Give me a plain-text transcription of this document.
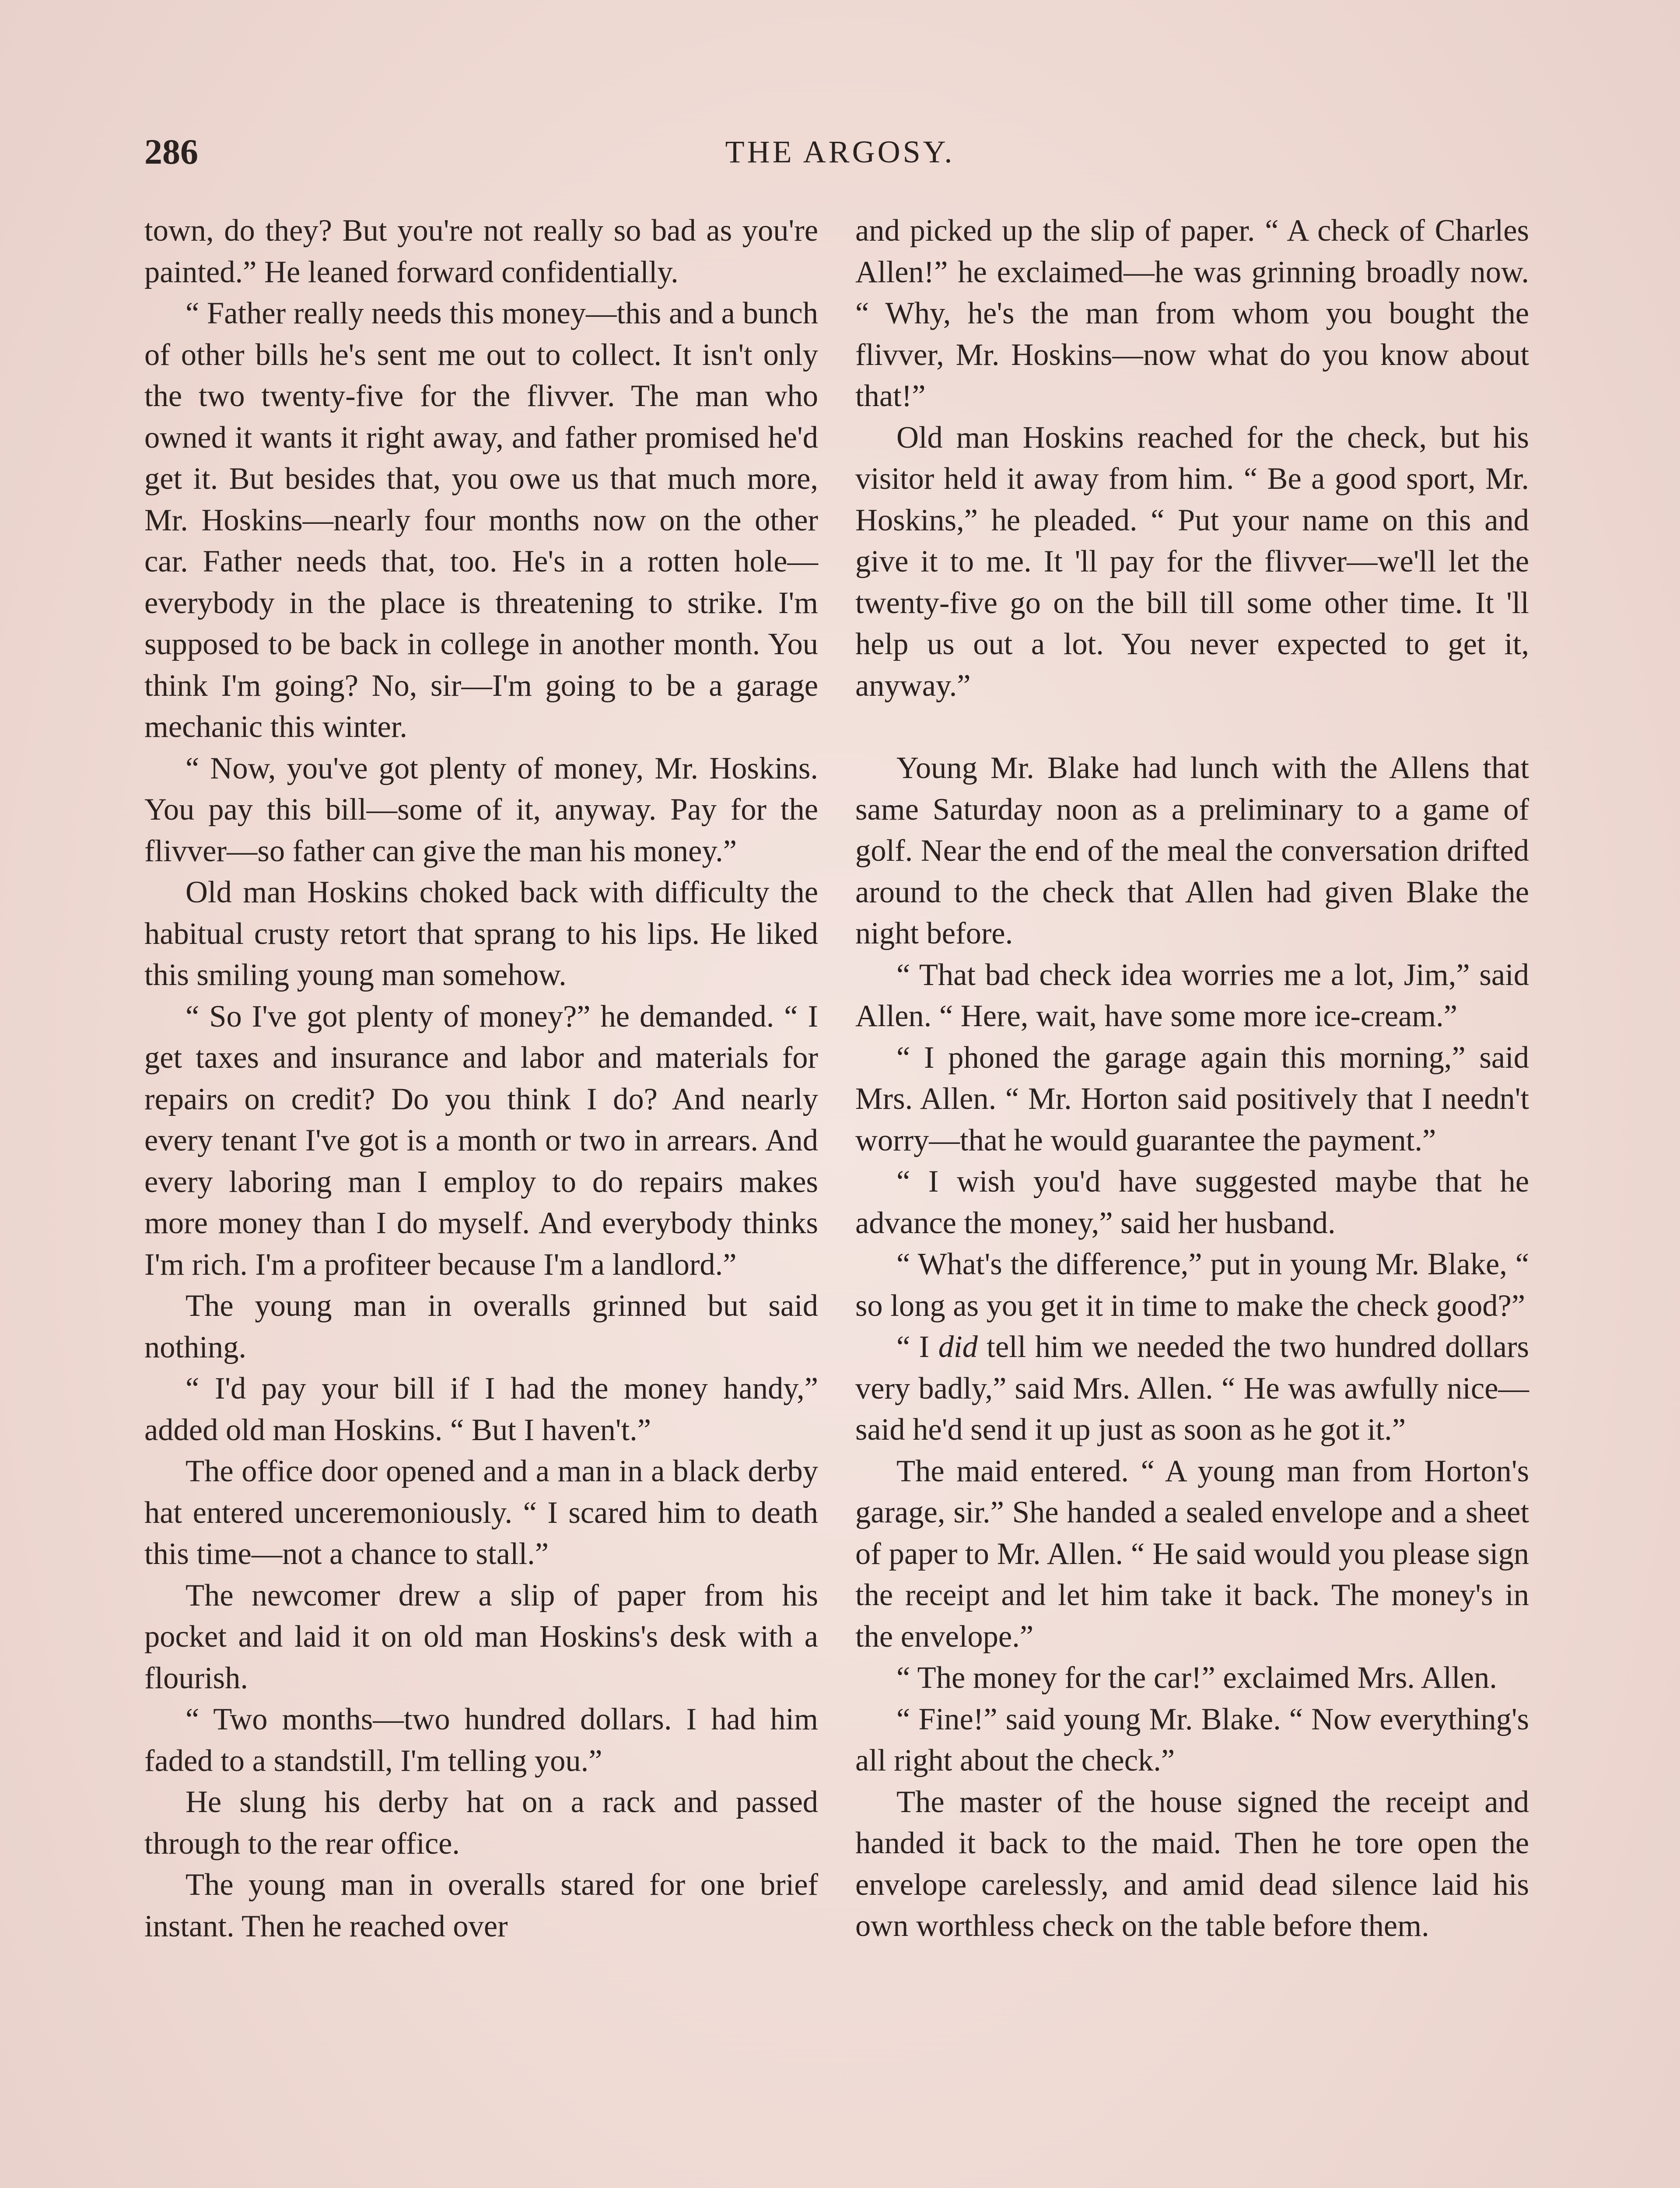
286	THE ARGOSY.

town, do they? But you're not really so bad as you're painted.” He leaned forward confidentially.

“ Father really needs this money—this and a bunch of other bills he's sent me out to collect. It isn't only the two twenty-five for the flivver. The man who owned it wants it right away, and father promised he'd get it. But besides that, you owe us that much more, Mr. Hoskins—nearly four months now on the other car. Father needs that, too. He's in a rotten hole—everybody in the place is threatening to strike. I'm supposed to be back in college in another month. You think I'm going? No, sir—I'm going to be a garage mechanic this winter.

“ Now, you've got plenty of money, Mr. Hoskins. You pay this bill—some of it, anyway. Pay for the flivver—so father can give the man his money.”

Old man Hoskins choked back with difficulty the habitual crusty retort that sprang to his lips. He liked this smiling young man somehow.

“ So I've got plenty of money?” he demanded. “ I get taxes and insurance and labor and materials for repairs on credit? Do you think I do? And nearly every tenant I've got is a month or two in arrears. And every laboring man I employ to do repairs makes more money than I do myself. And everybody thinks I'm rich. I'm a profiteer because I'm a landlord.”

The young man in overalls grinned but said nothing.

“ I'd pay your bill if I had the money handy,” added old man Hoskins. “ But I haven't.”

The office door opened and a man in a black derby hat entered unceremoniously. “ I scared him to death this time—not a chance to stall.”

The newcomer drew a slip of paper from his pocket and laid it on old man Hoskins's desk with a flourish.

“ Two months—two hundred dollars. I had him faded to a standstill, I'm telling you.”

He slung his derby hat on a rack and passed through to the rear office.

The young man in overalls stared for one brief instant. Then he reached over

and picked up the slip of paper. “ A check of Charles Allen!” he exclaimed—he was grinning broadly now. “ Why, he's the man from whom you bought the flivver, Mr. Hoskins—now what do you know about that!”

Old man Hoskins reached for the check, but his visitor held it away from him. “ Be a good sport, Mr. Hoskins,” he pleaded. “ Put your name on this and give it to me. It 'll pay for the flivver—we'll let the twenty-five go on the bill till some other time. It 'll help us out a lot. You never expected to get it, anyway.”

Young Mr. Blake had lunch with the Allens that same Saturday noon as a preliminary to a game of golf. Near the end of the meal the conversation drifted around to the check that Allen had given Blake the night before.

“ That bad check idea worries me a lot, Jim,” said Allen. “ Here, wait, have some more ice-cream.”

“ I phoned the garage again this morning,” said Mrs. Allen. “ Mr. Horton said positively that I needn't worry—that he would guarantee the payment.”

“ I wish you'd have suggested maybe that he advance the money,” said her husband.

“ What's the difference,” put in young Mr. Blake, “ so long as you get it in time to make the check good?”

“ I did tell him we needed the two hundred dollars very badly,” said Mrs. Allen. “ He was awfully nice—said he'd send it up just as soon as he got it.”

The maid entered. “ A young man from Horton's garage, sir.” She handed a sealed envelope and a sheet of paper to Mr. Allen. “ He said would you please sign the receipt and let him take it back. The money's in the envelope.”

“ The money for the car!” exclaimed Mrs. Allen.

“ Fine!” said young Mr. Blake. “ Now everything's all right about the check.”

The master of the house signed the receipt and handed it back to the maid. Then he tore open the envelope carelessly, and amid dead silence laid his own worthless check on the table before them.
